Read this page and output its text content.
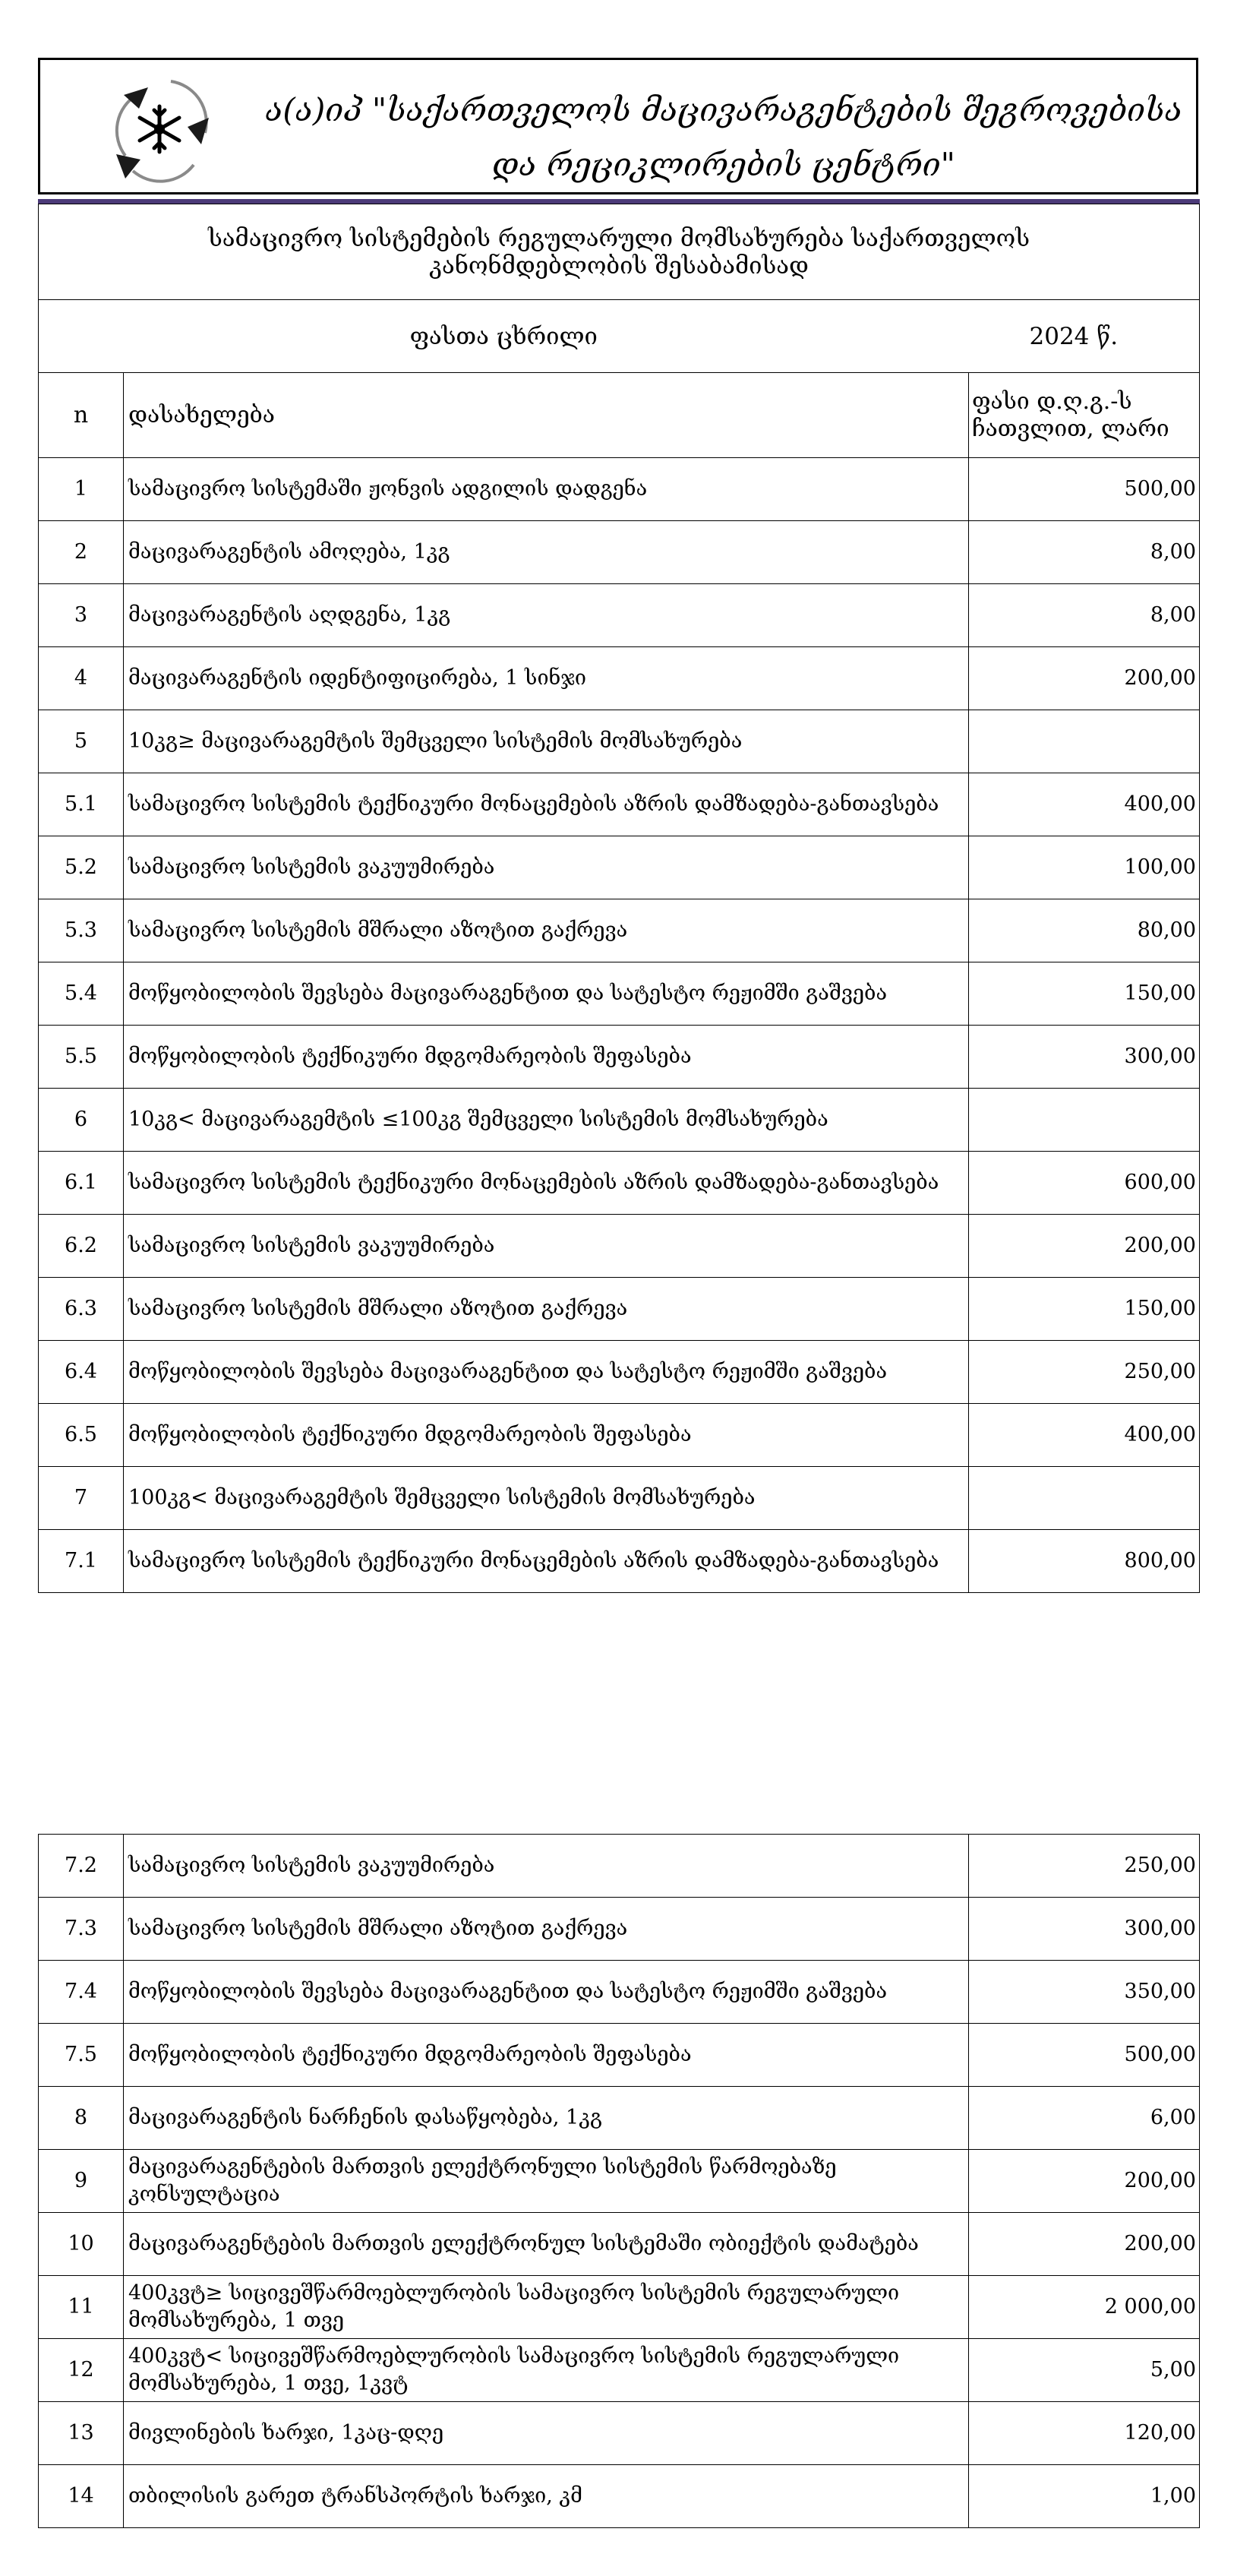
ა(ა)იპ "საქართველოს მაცივარაგენტების შეგროვებისა და რეციკლირების ცენტრი"
სამაცივრო სისტემების რეგულარული მომსახურება საქართველოს კანონმდებლობის შესაბამისად		
ფასთა ცხრილი		2024 წ.
n	დასახელება	ფასი დ.ღ.გ.-ს ჩათვლით, ლარი
1	სამაცივრო სისტემაში ჟონვის ადგილის დადგენა	500,00
2	მაცივარაგენტის ამოღება, 1კგ	8,00
3	მაცივარაგენტის აღდგენა, 1კგ	8,00
4	მაცივარაგენტის იდენტიფიცირება, 1 სინჯი	200,00
5	10კგ≥ მაცივარაგემტის შემცველი სისტემის მომსახურება	
5.1	სამაცივრო სისტემის ტექნიკური მონაცემების აზრის დამზადება-განთავსება	400,00
5.2	სამაცივრო სისტემის ვაკუუმირება	100,00
5.3	სამაცივრო სისტემის მშრალი აზოტით გაქრევა	80,00
5.4	მოწყობილობის შევსება მაცივარაგენტით და სატესტო რეჟიმში გაშვება	150,00
5.5	მოწყობილობის ტექნიკური მდგომარეობის შეფასება	300,00
6	10კგ< მაცივარაგემტის ≤100კგ შემცველი სისტემის მომსახურება	
6.1	სამაცივრო სისტემის ტექნიკური მონაცემების აზრის დამზადება-განთავსება	600,00
6.2	სამაცივრო სისტემის ვაკუუმირება	200,00
6.3	სამაცივრო სისტემის მშრალი აზოტით გაქრევა	150,00
6.4	მოწყობილობის შევსება მაცივარაგენტით და სატესტო რეჟიმში გაშვება	250,00
6.5	მოწყობილობის ტექნიკური მდგომარეობის შეფასება	400,00
7	100კგ< მაცივარაგემტის შემცველი სისტემის მომსახურება	
7.1	სამაცივრო სისტემის ტექნიკური მონაცემების აზრის დამზადება-განთავსება	800,00
7.2	სამაცივრო სისტემის ვაკუუმირება	250,00
7.3	სამაცივრო სისტემის მშრალი აზოტით გაქრევა	300,00
7.4	მოწყობილობის შევსება მაცივარაგენტით და სატესტო რეჟიმში გაშვება	350,00
7.5	მოწყობილობის ტექნიკური მდგომარეობის შეფასება	500,00
8	მაცივარაგენტის ნარჩენის დასაწყობება, 1კგ	6,00
9	მაცივარაგენტების მართვის ელექტრონული სისტემის წარმოებაზე კონსულტაცია	200,00
10	მაცივარაგენტების მართვის ელექტრონულ სისტემაში ობიექტის დამატება	200,00
11	400კვტ≥ სიცივეშწარმოებლურობის სამაცივრო სისტემის რეგულარული მომსახურება, 1 თვე	2 000,00
12	400კვტ< სიცივეშწარმოებლურობის სამაცივრო სისტემის რეგულარული მომსახურება, 1 თვე, 1კვტ	5,00
13	მივლინების ხარჯი, 1კაც-დღე	120,00
14	თბილისის გარეთ ტრანსპორტის ხარჯი, კმ	1,00
